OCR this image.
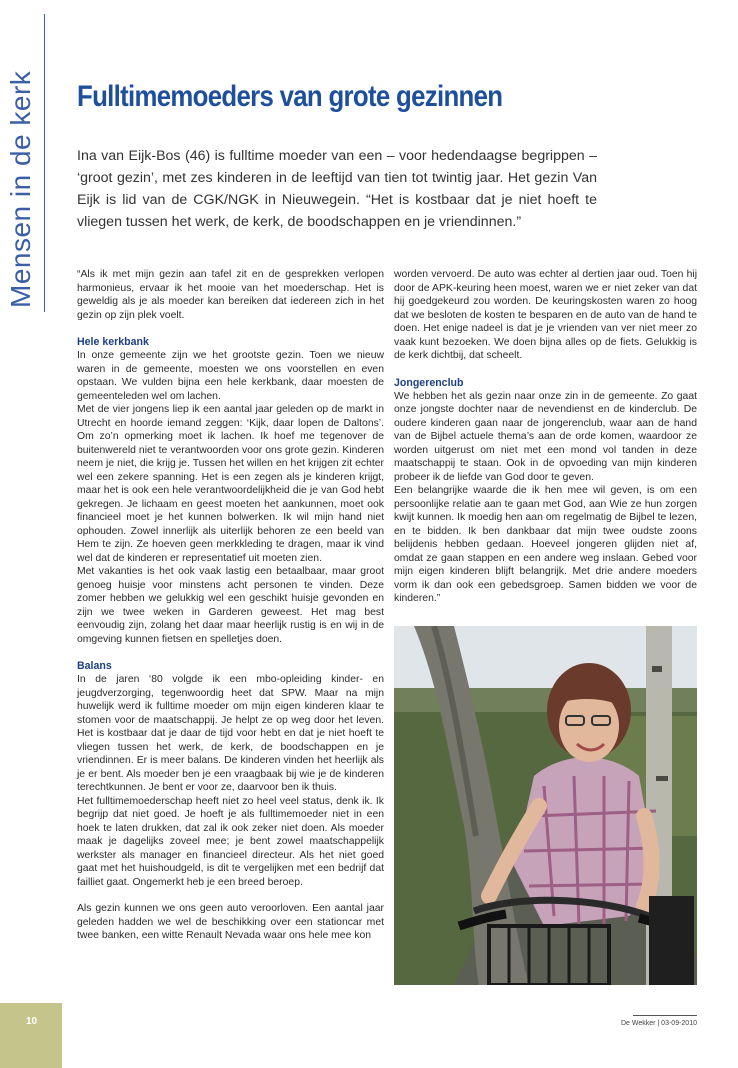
Mensen in de kerk Fulltimemoeders van grote gezinnen

Ina van Eijk-Bos (46) is fulltime moeder van een – voor hedendaagse begrippen – ‘groot gezin’, met zes kinderen in de leeftijd van tien tot twintig jaar. Het gezin Van Eijk is lid van de CGK/NGK in Nieuwegein. “Het is kostbaar dat je niet hoeft te vliegen tussen het werk, de kerk, de boodschappen en je vriendinnen.”

“Als ik met mijn gezin aan tafel zit en de gesprekken verlopen harmonieus, ervaar ik het mooie van het moederschap. Het is geweldig als je als moeder kan bereiken dat iedereen zich in het gezin op zijn plek voelt.

Hele kerkbank

In onze gemeente zijn we het grootste gezin. Toen we nieuw waren in de gemeente, moesten we ons voorstellen en even opstaan. We vulden bijna een hele kerkbank, daar moesten de gemeenteleden wel om lachen.

Met de vier jongens liep ik een aantal jaar geleden op de markt in Utrecht en hoorde iemand zeggen: ‘Kijk, daar lopen de Daltons’. Om zo’n opmerking moet ik lachen. Ik hoef me tegenover de buitenwereld niet te verantwoorden voor ons grote gezin. Kinderen neem je niet, die krijg je. Tussen het willen en het krijgen zit echter wel een zekere spanning. Het is een zegen als je kinderen krijgt, maar het is ook een hele verantwoordelijkheid die je van God hebt gekregen. Je lichaam en geest moeten het aankunnen, moet ook financieel moet je het kunnen bolwerken. Ik wil mijn hand niet ophouden. Zowel innerlijk als uiterlijk behoren ze een beeld van Hem te zijn. Ze hoeven geen merkkleding te dragen, maar ik vind wel dat de kinderen er representatief uit moeten zien.

Met vakanties is het ook vaak lastig een betaalbaar, maar groot genoeg huisje voor minstens acht personen te vinden. Deze zomer hebben we gelukkig wel een geschikt huisje gevonden en zijn we twee weken in Garderen geweest. Het mag best eenvoudig zijn, zolang het daar maar heerlijk rustig is en wij in de omgeving kunnen fietsen en spelletjes doen.

Balans

In de jaren ‘80 volgde ik een mbo-opleiding kinder- en jeugdverzorging, tegenwoordig heet dat SPW. Maar na mijn huwelijk werd ik fulltime moeder om mijn eigen kinderen klaar te stomen voor de maatschappij. Je helpt ze op weg door het leven. Het is kostbaar dat je daar de tijd voor hebt en dat je niet hoeft te vliegen tussen het werk, de kerk, de boodschappen en je vriendinnen. Er is meer balans. De kinderen vinden het heerlijk als je er bent. Als moeder ben je een vraagbaak bij wie je de kinderen terechtkunnen. Je bent er voor ze, daarvoor ben ik thuis.

Het fulltimemoederschap heeft niet zo heel veel status, denk ik. Ik begrijp dat niet goed. Je hoeft je als fulltimemoeder niet in een hoek te laten drukken, dat zal ik ook zeker niet doen. Als moeder maak je dagelijks zoveel mee; je bent zowel maatschappelijk werkster als manager en financieel directeur. Als het niet goed gaat met het huishoudgeld, is dit te vergelijken met een bedrijf dat failliet gaat. Ongemerkt heb je een breed beroep.

Als gezin kunnen we ons geen auto veroorloven. Een aantal jaar geleden hadden we wel de beschikking over een stationcar met twee banken, een witte Renault Nevada waar ons hele mee kon

worden vervoerd. De auto was echter al dertien jaar oud. Toen hij door de APK-keuring heen moest, waren we er niet zeker van dat hij goedgekeurd zou worden. De keuringskosten waren zo hoog dat we besloten de kosten te besparen en de auto van de hand te doen. Het enige nadeel is dat je je vrienden van ver niet meer zo vaak kunt bezoeken. We doen bijna alles op de fiets. Gelukkig is de kerk dichtbij, dat scheelt.

Jongerenclub

We hebben het als gezin naar onze zin in de gemeente. Zo gaat onze jongste dochter naar de nevendienst en de kinderclub. De oudere kinderen gaan naar de jongerenclub, waar aan de hand van de Bijbel actuele thema’s aan de orde komen, waardoor ze worden uitgerust om niet met een mond vol tanden in deze maatschappij te staan. Ook in de opvoeding van mijn kinderen probeer ik de liefde van God door te geven.

Een belangrijke waarde die ik hen mee wil geven, is om een persoonlijke relatie aan te gaan met God, aan Wie ze hun zorgen kwijt kunnen. Ik moedig hen aan om regelmatig de Bijbel te lezen, en te bidden. Ik ben dankbaar dat mijn twee oudste zoons belijdenis hebben gedaan. Hoeveel jongeren glijden niet af, omdat ze gaan stappen en een andere weg inslaan. Gebed voor mijn eigen kinderen blijft belangrijk. Met drie andere moeders vorm ik dan ook een gebedsgroep. Samen bidden we voor de kinderen.”

10	De Wekker | 03-09-2010
